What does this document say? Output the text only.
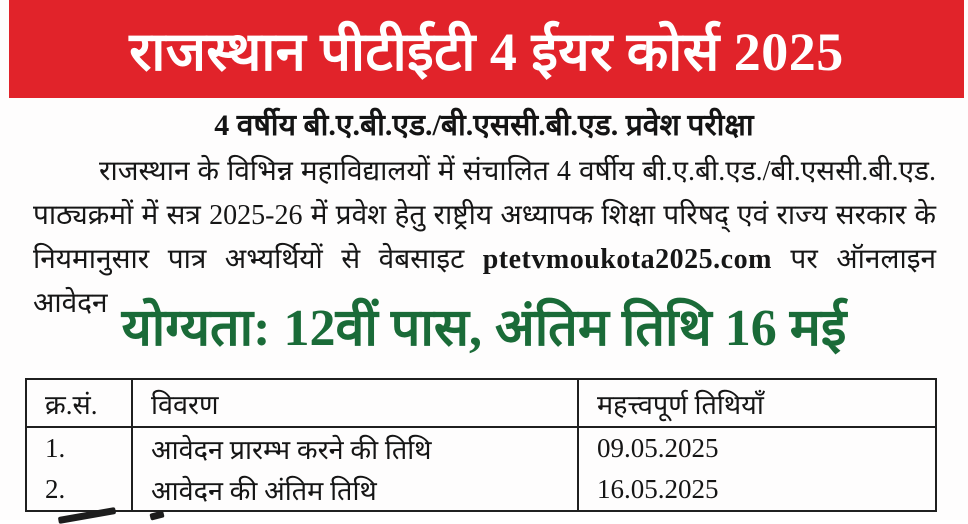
राजस्थान पीटीईटी 4 ईयर कोर्स 2025
4 वर्षीय बी.ए.बी.एड./बी.एससी.बी.एड. प्रवेश परीक्षा

राजस्थान के विभिन्न महाविद्यालयों में संचालित 4 वर्षीय बी.ए.बी.एड./बी.एससी.बी.एड. पाठ्यक्रमों में सत्र 2025-26 में प्रवेश हेतु राष्ट्रीय अध्यापक शिक्षा परिषद् एवं राज्य सरकार के नियमानुसार पात्र अभ्यर्थियों से वेबसाइट ptetvmoukota2025.com पर ऑनलाइन आवेदन योग्यता: 12वीं पास, अंतिम तिथि 16 मई
क्र.सं.	विवरण	महत्त्वपूर्ण तिथियाँ
1.	आवेदन प्रारम्भ करने की तिथि	09.05.2025
2.	आवेदन की अंतिम तिथि	16.05.2025
